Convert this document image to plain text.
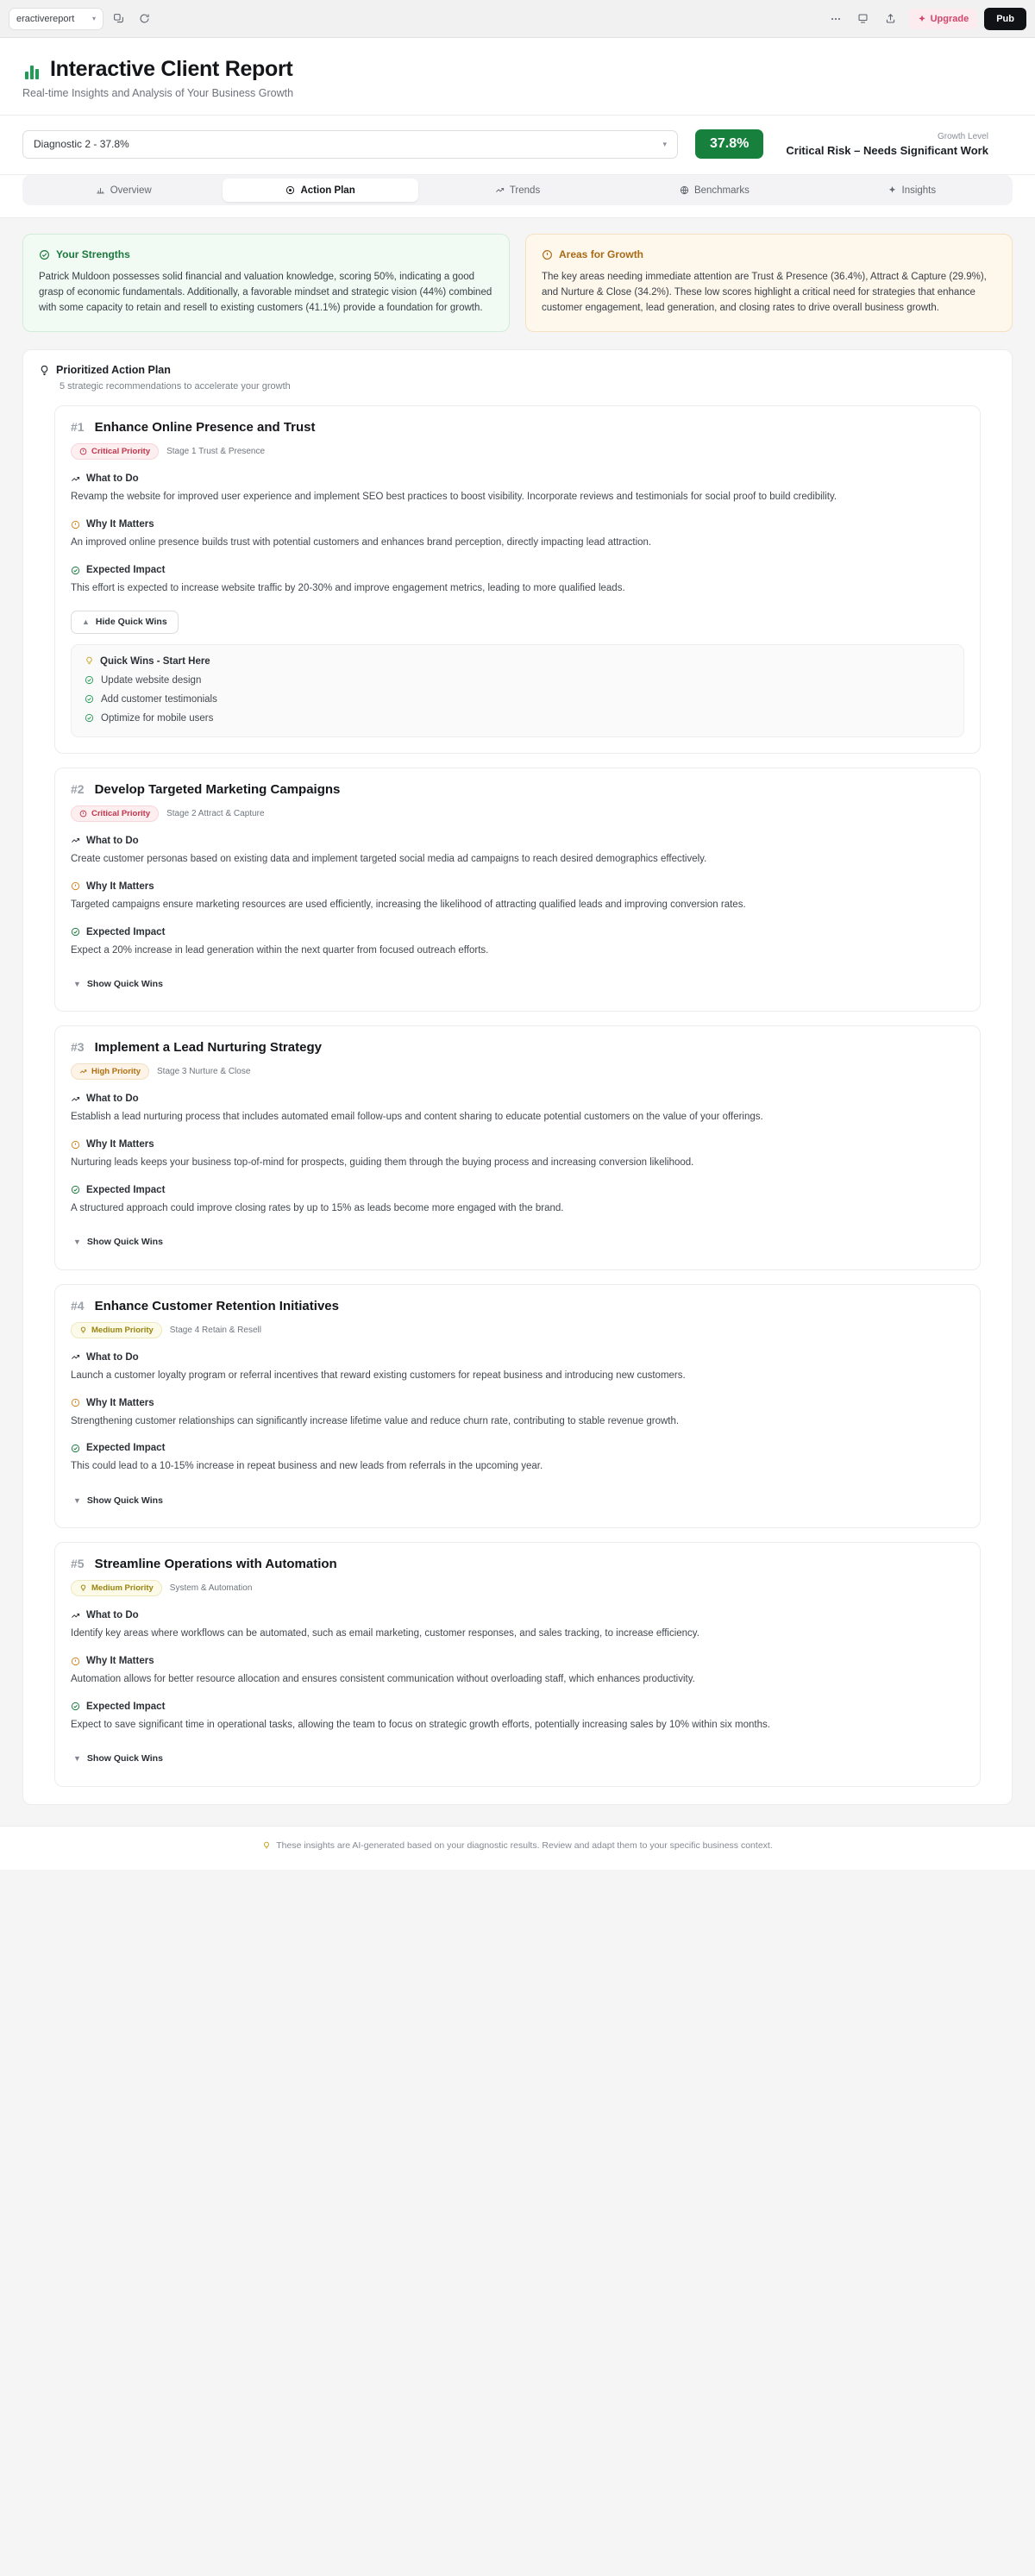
eractivereport	▾	Upgrade	Pub
Interactive Client Report
Real-time Insights and Analysis of Your Business Growth
Diagnostic 2 - 37.8%	▾	37.8%	Growth Level
Critical Risk – Needs Significant Work
Overview	Action Plan	Trends	Benchmarks	Insights
Your Strengths
Patrick Muldoon possesses solid financial and valuation knowledge, scoring 50%, indicating a good grasp of economic fundamentals. Additionally, a favorable mindset and strategic vision (44%) combined with some capacity to retain and resell to existing customers (41.1%) provide a foundation for growth.
Areas for Growth
The key areas needing immediate attention are Trust & Presence (36.4%), Attract & Capture (29.9%), and Nurture & Close (34.2%). These low scores highlight a critical need for strategies that enhance customer engagement, lead generation, and closing rates to drive overall business growth.
Prioritized Action Plan
5 strategic recommendations to accelerate your growth
#1 Enhance Online Presence and Trust
Critical Priority Stage 1 Trust & Presence
What to Do
Revamp the website for improved user experience and implement SEO best practices to boost visibility. Incorporate reviews and testimonials for social proof to build credibility.
Why It Matters
An improved online presence builds trust with potential customers and enhances brand perception, directly impacting lead attraction.
Expected Impact
This effort is expected to increase website traffic by 20-30% and improve engagement metrics, leading to more qualified leads.
▲ Hide Quick Wins
Quick Wins - Start Here
Update website design
Add customer testimonials
Optimize for mobile users
#2 Develop Targeted Marketing Campaigns
Critical Priority Stage 2 Attract & Capture
What to Do
Create customer personas based on existing data and implement targeted social media ad campaigns to reach desired demographics effectively.
Why It Matters
Targeted campaigns ensure marketing resources are used efficiently, increasing the likelihood of attracting qualified leads and improving conversion rates.
Expected Impact
Expect a 20% increase in lead generation within the next quarter from focused outreach efforts.
▼ Show Quick Wins
#3 Implement a Lead Nurturing Strategy
High Priority Stage 3 Nurture & Close
What to Do
Establish a lead nurturing process that includes automated email follow-ups and content sharing to educate potential customers on the value of your offerings.
Why It Matters
Nurturing leads keeps your business top-of-mind for prospects, guiding them through the buying process and increasing conversion likelihood.
Expected Impact
A structured approach could improve closing rates by up to 15% as leads become more engaged with the brand.
▼ Show Quick Wins
#4 Enhance Customer Retention Initiatives
Medium Priority Stage 4 Retain & Resell
What to Do
Launch a customer loyalty program or referral incentives that reward existing customers for repeat business and introducing new customers.
Why It Matters
Strengthening customer relationships can significantly increase lifetime value and reduce churn rate, contributing to stable revenue growth.
Expected Impact
This could lead to a 10-15% increase in repeat business and new leads from referrals in the upcoming year.
▼ Show Quick Wins
#5 Streamline Operations with Automation
Medium Priority System & Automation
What to Do
Identify key areas where workflows can be automated, such as email marketing, customer responses, and sales tracking, to increase efficiency.
Why It Matters
Automation allows for better resource allocation and ensures consistent communication without overloading staff, which enhances productivity.
Expected Impact
Expect to save significant time in operational tasks, allowing the team to focus on strategic growth efforts, potentially increasing sales by 10% within six months.
▼ Show Quick Wins
These insights are AI-generated based on your diagnostic results. Review and adapt them to your specific business context.
